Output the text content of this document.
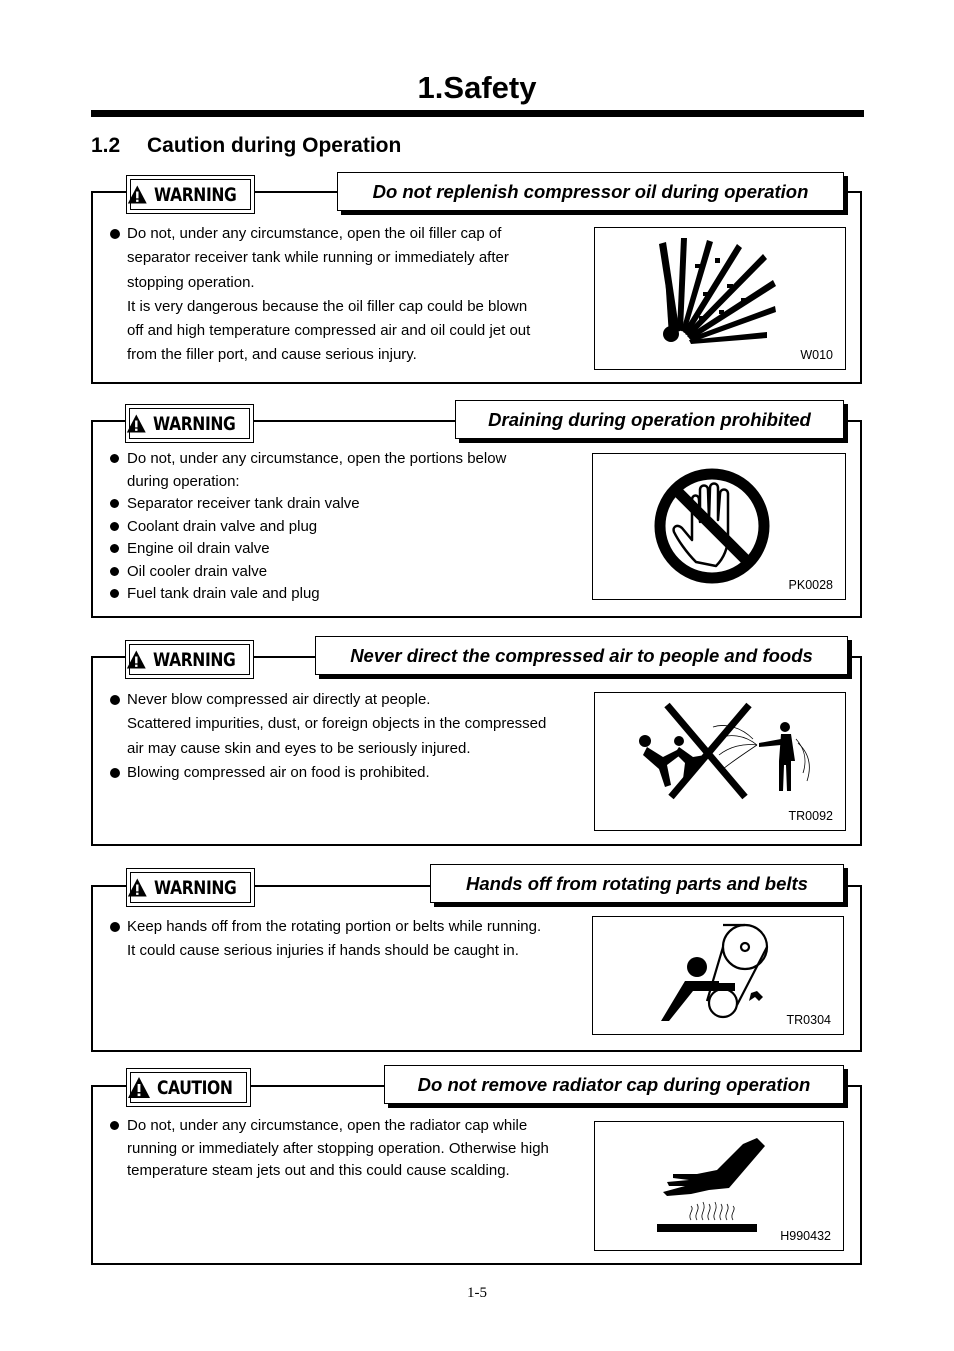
1.Safety
1.2 Caution during Operation
WARNING	Do not replenish compressor oil during operation
Do not, under any circumstance, open the oil filler cap of
separator receiver tank while running or immediately after
stopping operation.
It is very dangerous because the oil filler cap could be blown
off and high temperature compressed air and oil could jet out
from the filler port, and cause serious injury.	W010
WARNING	Draining during operation prohibited
Do not, under any circumstance, open the portions below
during operation:
Separator receiver tank drain valve
Coolant drain valve and plug
Engine oil drain valve
Oil cooler drain valve
Fuel tank drain vale and plug	PK0028
WARNING	Never direct the compressed air to people and foods
Never blow compressed air directly at people.
Scattered impurities, dust, or foreign objects in the compressed
air may cause skin and eyes to be seriously injured.
Blowing compressed air on food is prohibited.
TR0092
WARNING	Hands off from rotating parts and belts
Keep hands off from the rotating portion or belts while running.
It could cause serious injuries if hands should be caught in.
TR0304
CAUTION	Do not remove radiator cap during operation
Do not, under any circumstance, open the radiator cap while
running or immediately after stopping operation. Otherwise high
temperature steam jets out and this could cause scalding.
H990432
1-5
